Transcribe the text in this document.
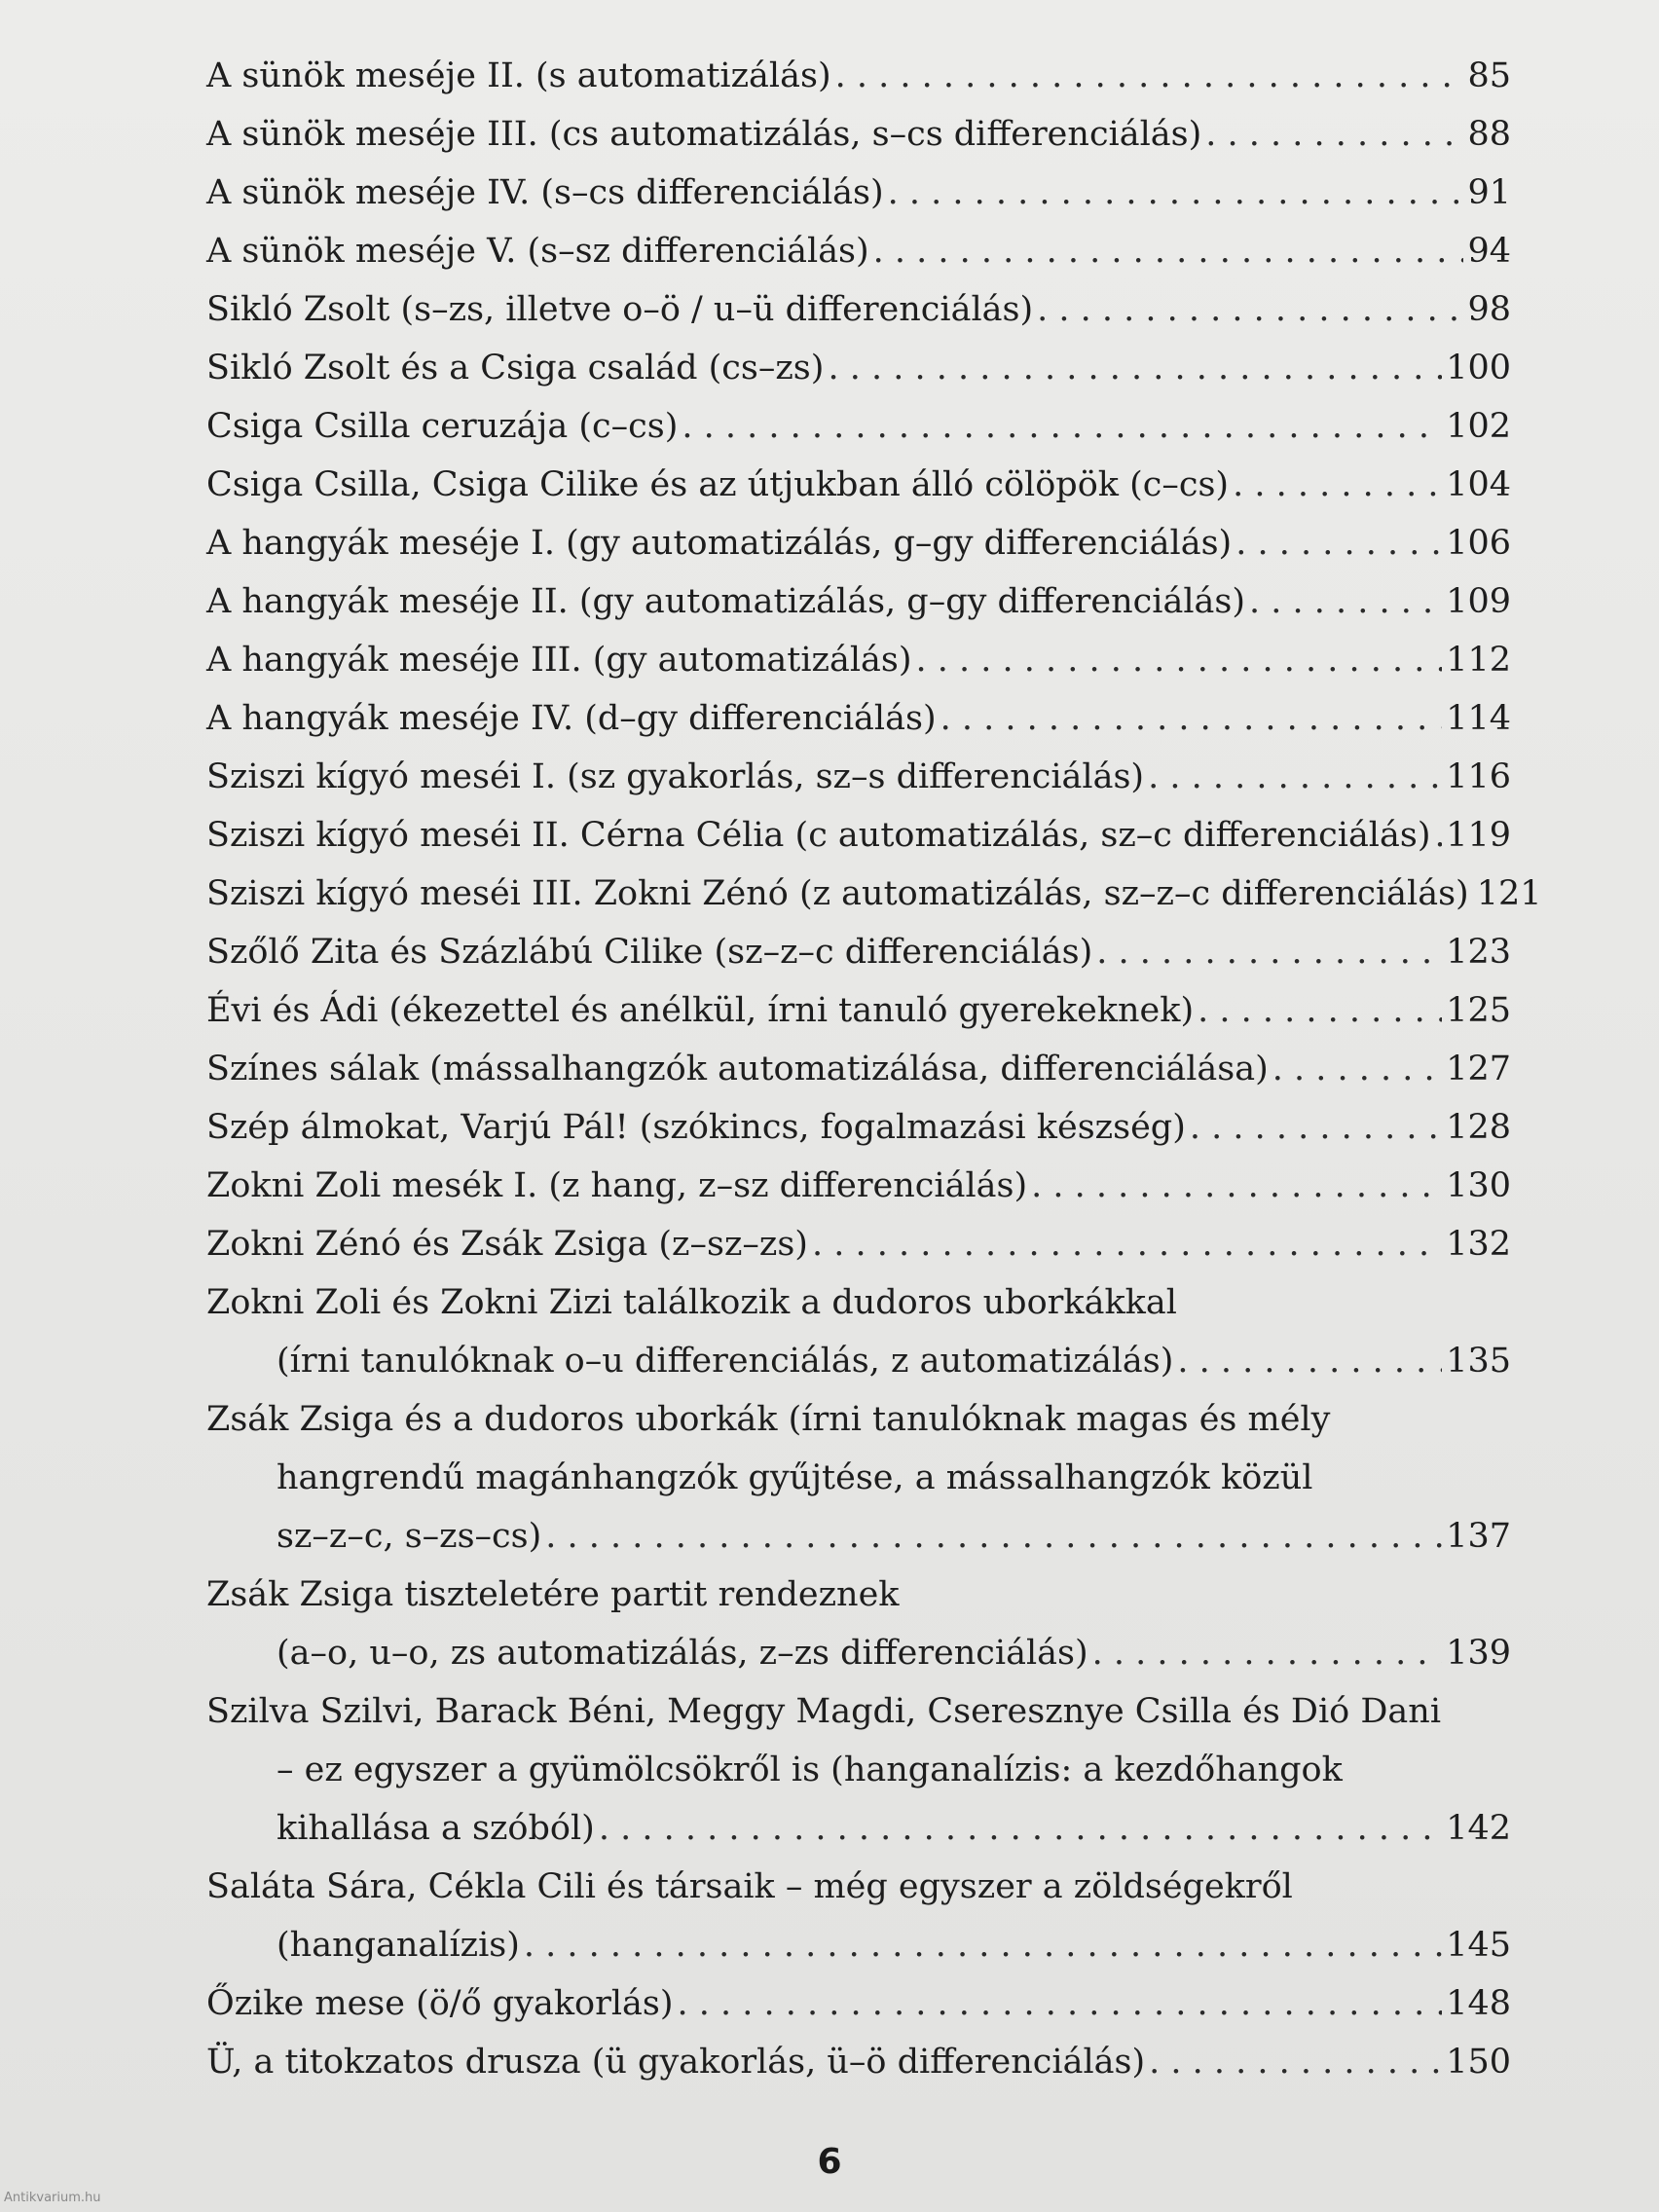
A sünök meséje II. (s automatizálás) . . .	85
A sünök meséje III. (cs automatizálás, s–cs differenciálás) . . .	88
A sünök meséje IV. (s–cs differenciálás) . . .	91
A sünök meséje V. (s–sz differenciálás) . . .	94
Sikló Zsolt (s–zs, illetve o–ö / u–ü differenciálás) . . .	98
Sikló Zsolt és a Csiga család (cs–zs) . . .	100
Csiga Csilla ceruzája (c–cs) . . .	102
Csiga Csilla, Csiga Cilike és az útjukban álló cölöpök (c–cs) . . .	104
A hangyák meséje I. (gy automatizálás, g–gy differenciálás) . . .	106
A hangyák meséje II. (gy automatizálás, g–gy differenciálás) . . .	109
A hangyák meséje III. (gy automatizálás) . . .	112
A hangyák meséje IV. (d–gy differenciálás) . . .	114
Sziszi kígyó meséi I. (sz gyakorlás, sz–s differenciálás) . . .	116
Sziszi kígyó meséi II. Cérna Célia (c automatizálás, sz–c differenciálás) . . . 119
Sziszi kígyó meséi III. Zokni Zénó (z automatizálás, sz–z–c differenciálás) 121
Szőlő Zita és Százlábú Cilike (sz–z–c differenciálás) . . .	123
Évi és Ádi (ékezettel és anélkül, írni tanuló gyerekeknek) . . .	125
Színes sálak (mássalhangzók automatizálása, differenciálása) . . .	127
Szép álmokat, Varjú Pál! (szókincs, fogalmazási készség) . . .	128
Zokni Zoli mesék I. (z hang, z–sz differenciálás) . . .	130
Zokni Zénó és Zsák Zsiga (z–sz–zs) . . .	132
Zokni Zoli és Zokni Zizi találkozik a dudoros uborkákkal
(írni tanulóknak o–u differenciálás, z automatizálás) . . .	135
Zsák Zsiga és a dudoros uborkák (írni tanulóknak magas és mély
hangrendű magánhangzók gyűjtése, a mássalhangzók közül
sz–z–c, s–zs–cs) . . .	137
Zsák Zsiga tiszteletére partit rendeznek
(a–o, u–o, zs automatizálás, z–zs differenciálás) . . .	139
Szilva Szilvi, Barack Béni, Meggy Magdi, Cseresznye Csilla és Dió Dani
– ez egyszer a gyümölcsökről is (hanganalízis: a kezdőhangok
kihallása a szóból) . . .	142
Saláta Sára, Cékla Cili és társaik – még egyszer a zöldségekről
(hanganalízis) . . .	145
Őzike mese (ö/ő gyakorlás) . . .	148
Ü, a titokzatos drusza (ü gyakorlás, ü–ö differenciálás) . . .	150
6
Antikvarium.hu
